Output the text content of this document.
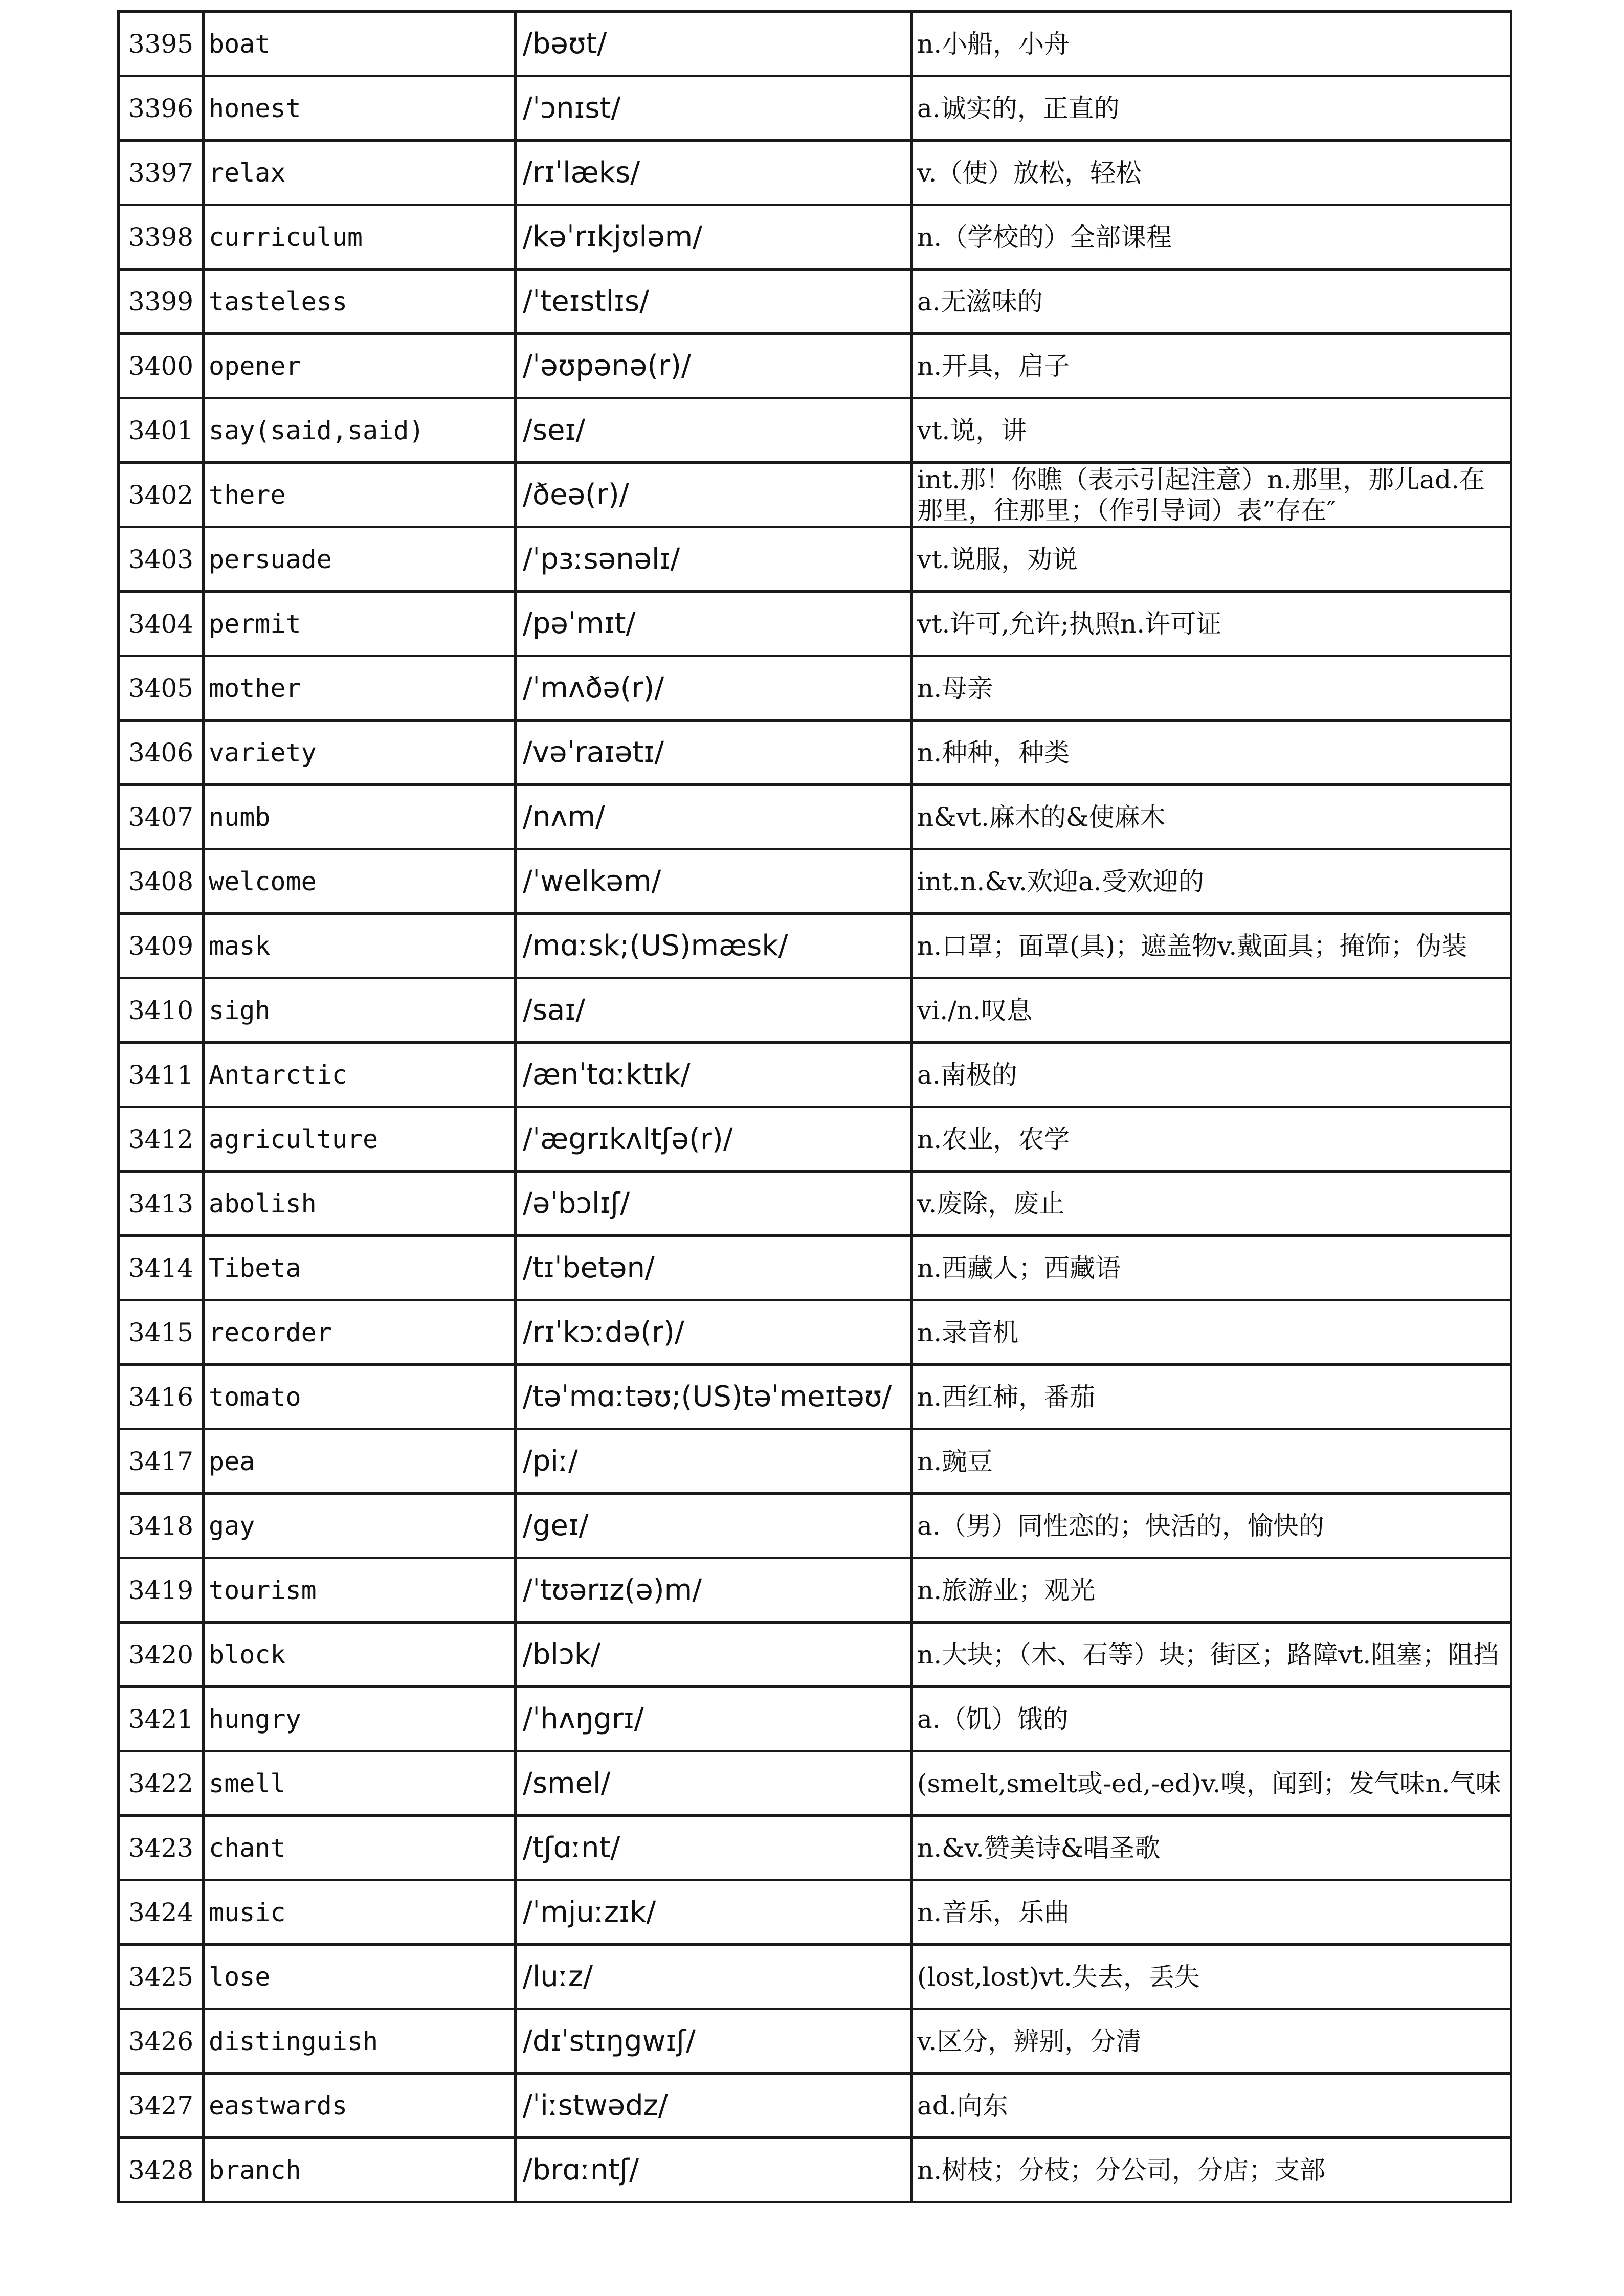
3395	boat	/bəʊt/	n.小船，小舟
3396	honest	/ˈɔnɪst/	a.诚实的，正直的
3397	relax	/rɪˈlæks/	v.（使）放松，轻松
3398	curriculum	/kəˈrɪkjʊləm/	n.（学校的）全部课程
3399	tasteless	/ˈteɪstlɪs/	a.无滋味的
3400	opener	/ˈəʊpənə(r)/	n.开具，启子
3401	say(said,said)	/seɪ/	vt.说，讲
3402	there	/ðeə(r)/	int.那！你瞧（表示引起注意）n.那里，那儿ad.在那里，往那里；（作引导词）表”存在″
3403	persuade	/ˈpɜːsənəlɪ/	vt.说服，劝说
3404	permit	/pəˈmɪt/	vt.许可,允许;执照n.许可证
3405	mother	/ˈmʌðə(r)/	n.母亲
3406	variety	/vəˈraɪətɪ/	n.种种，种类
3407	numb	/nʌm/	n&vt.麻木的&使麻木
3408	welcome	/ˈwelkəm/	int.n.&v.欢迎a.受欢迎的
3409	mask	/mɑːsk;(US)mæsk/	n.口罩；面罩(具)；遮盖物v.戴面具；掩饰；伪装
3410	sigh	/saɪ/	vi./n.叹息
3411	Antarctic	/ænˈtɑːktɪk/	a.南极的
3412	agriculture	/ˈægrɪkʌltʃə(r)/	n.农业，农学
3413	abolish	/əˈbɔlɪʃ/	v.废除，废止
3414	Tibeta	/tɪˈbetən/	n.西藏人；西藏语
3415	recorder	/rɪˈkɔːdə(r)/	n.录音机
3416	tomato	/təˈmɑːtəʊ;(US)təˈmeɪtəʊ/	n.西红柿，番茄
3417	pea	/piː/	n.豌豆
3418	gay	/geɪ/	a.（男）同性恋的；快活的，愉快的
3419	tourism	/ˈtʊərɪz(ə)m/	n.旅游业；观光
3420	block	/blɔk/	n.大块；（木、石等）块；街区；路障vt.阻塞；阻挡
3421	hungry	/ˈhʌŋgrɪ/	a.（饥）饿的
3422	smell	/smel/	(smelt,smelt或-ed,-ed)v.嗅，闻到；发气味n.气味
3423	chant	/tʃɑːnt/	n.&v.赞美诗&唱圣歌
3424	music	/ˈmjuːzɪk/	n.音乐，乐曲
3425	lose	/luːz/	(lost,lost)vt.失去，丢失
3426	distinguish	/dɪˈstɪŋgwɪʃ/	v.区分，辨别，分清
3427	eastwards	/ˈiːstwədz/	ad.向东
3428	branch	/brɑːntʃ/	n.树枝；分枝；分公司，分店；支部
